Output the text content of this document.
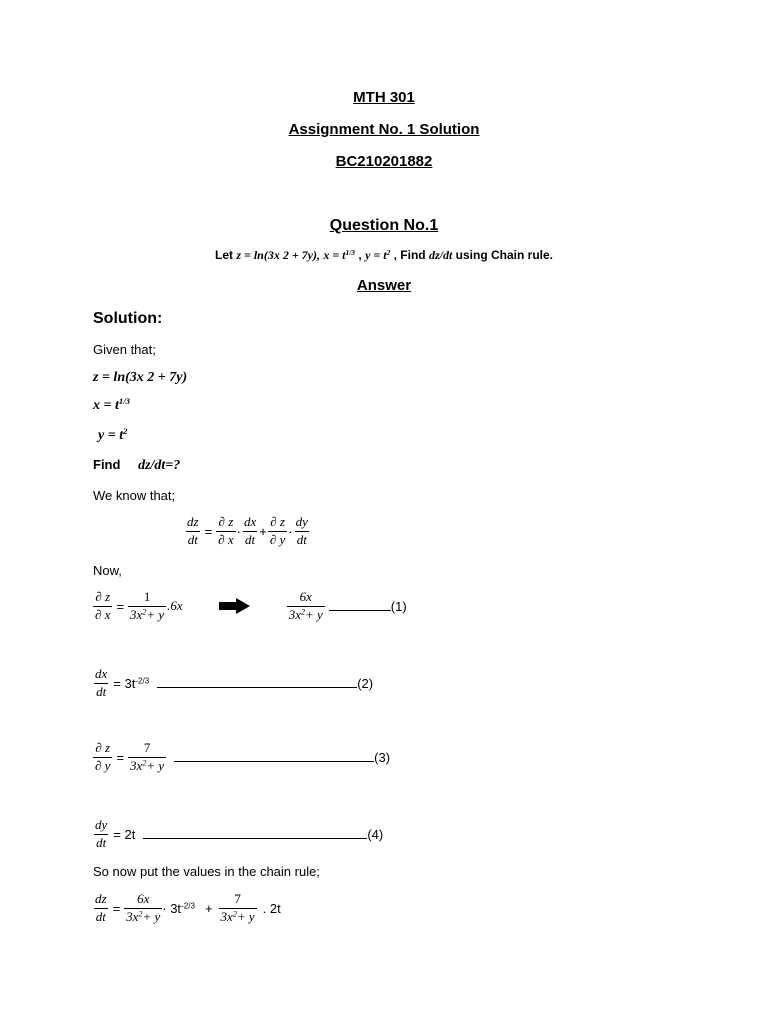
MTH 301
Assignment No. 1 Solution
BC210201882
Question No.1
Let z = ln(3x 2 + 7y), $x = t^{1/3}$ , $y = t^2$ , Find dz/dt using Chain rule.
Answer
Solution:
Given that;
z = ln(3x 2 + 7y)
$x = t^{1/3}$
$y = t^2$
Find dz/dt=?
We know that;
$\frac{dz}{dt} = \frac{\partial z}{\partial x} \cdot \frac{dx}{dt} + \frac{\partial z}{\partial y} \cdot \frac{dy}{dt}$
Now,
$\frac{\partial z}{\partial x} = \frac{1}{3x^2+ y} .6x$	$\frac{6x}{3x^2+ y}$	(1)
$\frac{dx}{dt} = 3t^{-2/3}$	(2)
$\frac{\partial z}{\partial y} = \frac{7}{3x^2+ y}$	(3)
$\frac{dy}{dt} = 2t$	(4)
So now put the values in the chain rule;
$\frac{dz}{dt} = \frac{6x}{3x^2+ y} \cdot 3t^{-2/3} + \frac{7}{3x^2+ y}$ . 2t
